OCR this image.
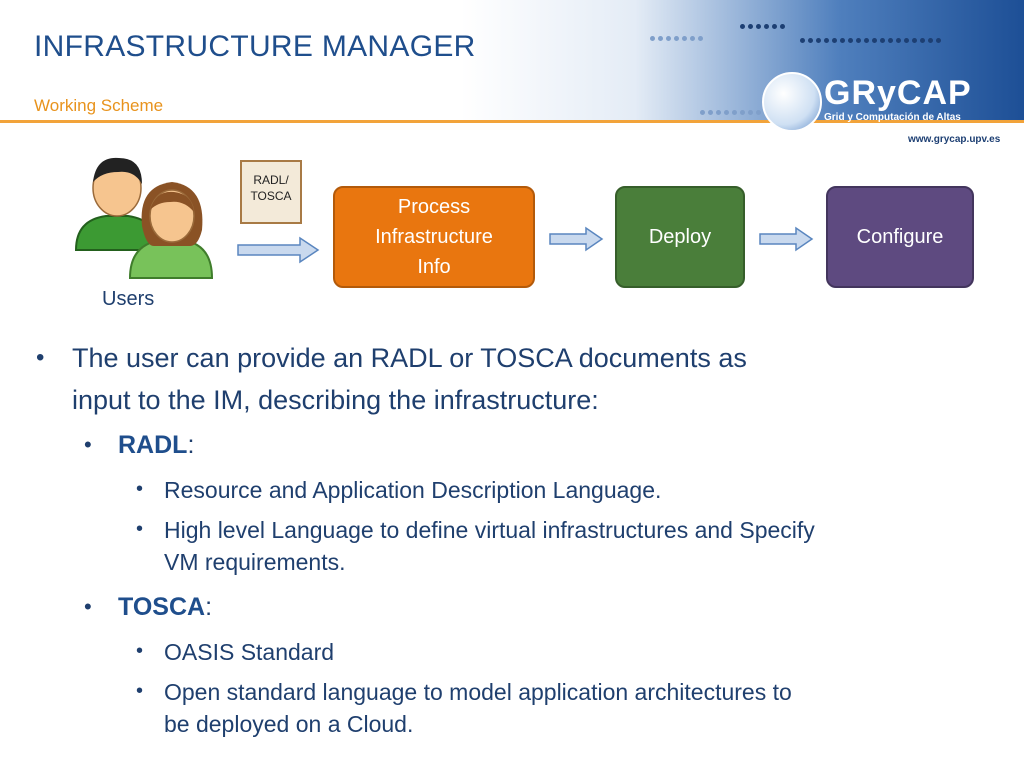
INFRASTRUCTURE MANAGER
Working Scheme	GRyCAP
Grid y Computación de Altas Prestaciones
www.grycap.upv.es
Users
RADL/
TOSCA	Process
Infrastructure
Info
Deploy	Configure
• The user can provide an RADL or TOSCA documents as
input to the IM, describing the infrastructure:
• RADL:
• Resource and Application Description Language.
• High level Language to define virtual infrastructures and Specify
VM requirements.
• TOSCA:
• OASIS Standard
• Open standard language to model application architectures to
be deployed on a Cloud.
